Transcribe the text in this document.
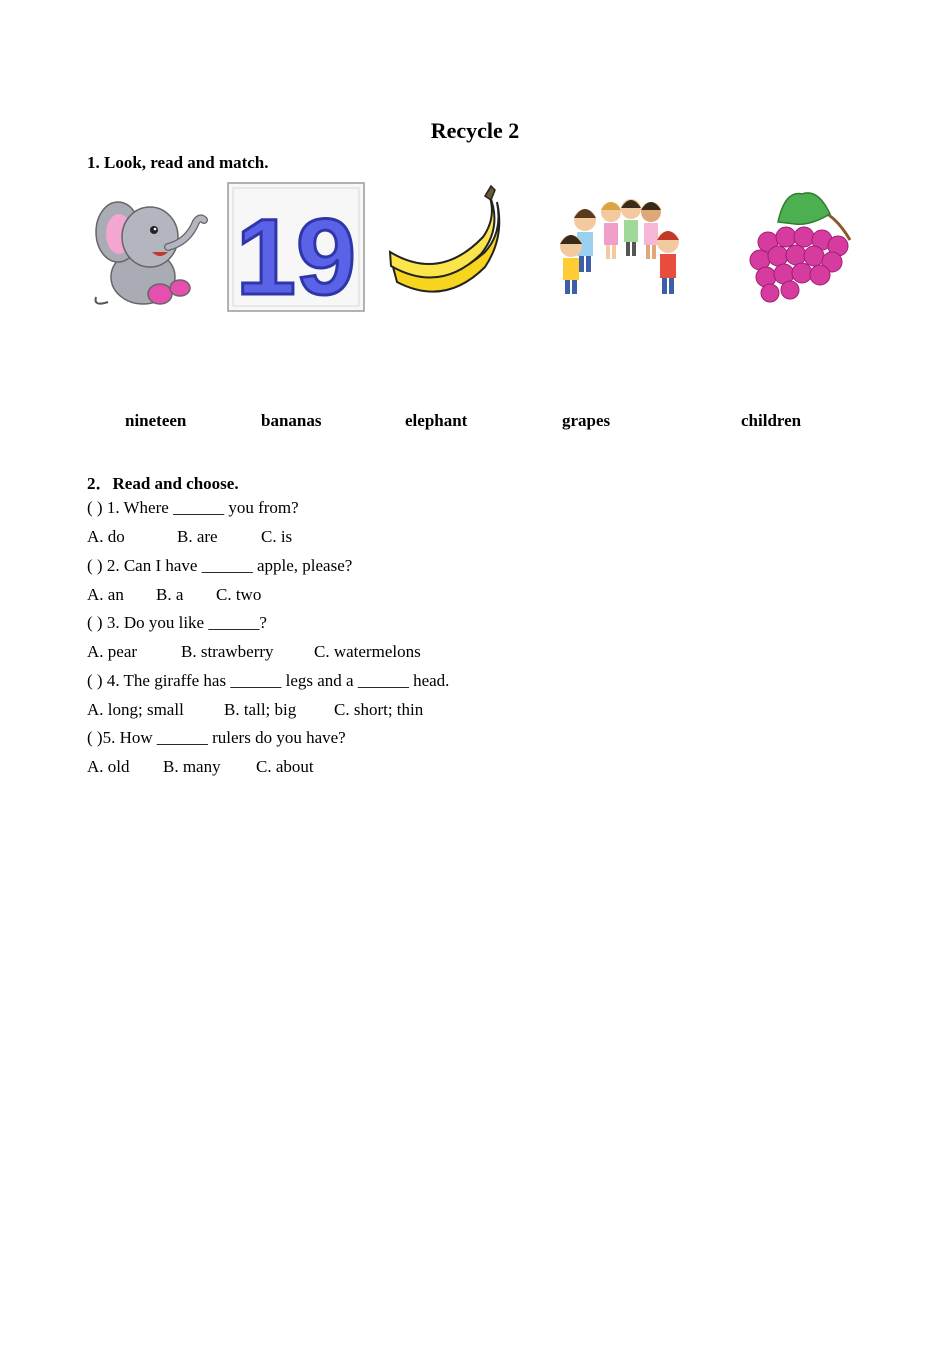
Recycle 2
1. Look, read and match.
19
nineteen	bananas	elephant	grapes	children
2．Read and choose.
( ) 1. Where ______ you from?
A. do	B. are	C. is
( ) 2. Can I have ______ apple, please?
A. an B. a C. two
( ) 3. Do you like ______?
A. pear	B. strawberry C. watermelons
( ) 4. The giraffe has ______ legs and a ______ head.
A. long; small B. tall; big C. short; thin
( )5. How ______ rulers do you have?
A. old B. many C. about
